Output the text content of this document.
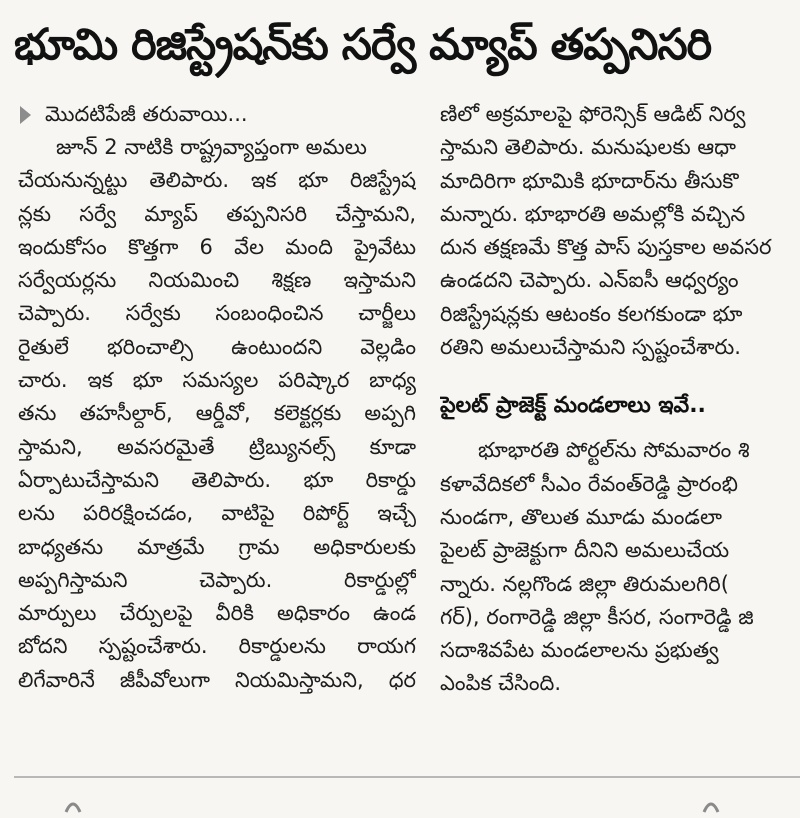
భూమి రిజిస్ట్రేషన్‌కు సర్వే మ్యాప్ తప్పనిసరి
మొదటిపేజీ తరువాయి...
జూన్ 2 నాటికి రాష్ట్రవ్యాప్తంగా అమలు
చేయనున్నట్టు తెలిపారు. ఇక భూ రిజిస్ట్రేష
న్లకు సర్వే మ్యాప్ తప్పనిసరి చేస్తామని,
ఇందుకోసం కొత్తగా 6 వేల మంది ప్రైవేటు
సర్వేయర్లను నియమించి శిక్షణ ఇస్తామని
చెప్పారు. సర్వేకు సంబంధించిన చార్జీలు
రైతులే భరించాల్సి ఉంటుందని వెల్లడిం
చారు. ఇక భూ సమస్యల పరిష్కార బాధ్య
తను తహసీల్దార్, ఆర్డీవో, కలెక్టర్లకు అప్పగి
స్తామని, అవసరమైతే ట్రిబ్యునల్స్ కూడా
ఏర్పాటుచేస్తామని తెలిపారు. భూ రికార్డు
లను పరిరక్షించడం, వాటిపై రిపోర్ట్ ఇచ్చే
బాధ్యతను మాత్రమే గ్రామ అధికారులకు
అప్పగిస్తామని చెప్పారు. రికార్డుల్లో
మార్పులు చేర్పులపై వీరికి అధికారం ఉండ
బోదని స్పష్టంచేశారు. రికార్డులను రాయగ
లిగేవారినే జీపీవోలుగా నియమిస్తామని, ధర
ణిలో అక్రమాలపై ఫోరెన్సిక్ ఆడిట్ నిర్వ
స్తామని తెలిపారు. మనుషులకు ఆధా
మాదిరిగా భూమికి భూదార్‌ను తీసుకొ
మన్నారు. భూభారతి అమల్లోకి వచ్చిన
దున తక్షణమే కొత్త పాస్ పుస్తకాల అవసర
ఉండదని చెప్పారు. ఎన్ఐసీ ఆధ్వర్యం
రిజిస్ట్రేషన్లకు ఆటంకం కలగకుండా భూ
రతిని అమలుచేస్తామని స్పష్టంచేశారు.
పైలట్ ప్రాజెక్ట్ మండలాలు ఇవే..
భూభారతి పోర్టల్‌ను సోమవారం శి
కళావేదికలో సీఎం రేవంత్‌రెడ్డి ప్రారంభి
నుండగా, తొలుత మూడు మండలా
పైలట్ ప్రాజెక్టుగా దీనిని అమలుచేయ
న్నారు. నల్లగొండ జిల్లా తిరుమలగిరి(
గర్), రంగారెడ్డి జిల్లా కీసర, సంగారెడ్డి జి
సదాశివపేట మండలాలను ప్రభుత్వ
ఎంపిక చేసింది.
